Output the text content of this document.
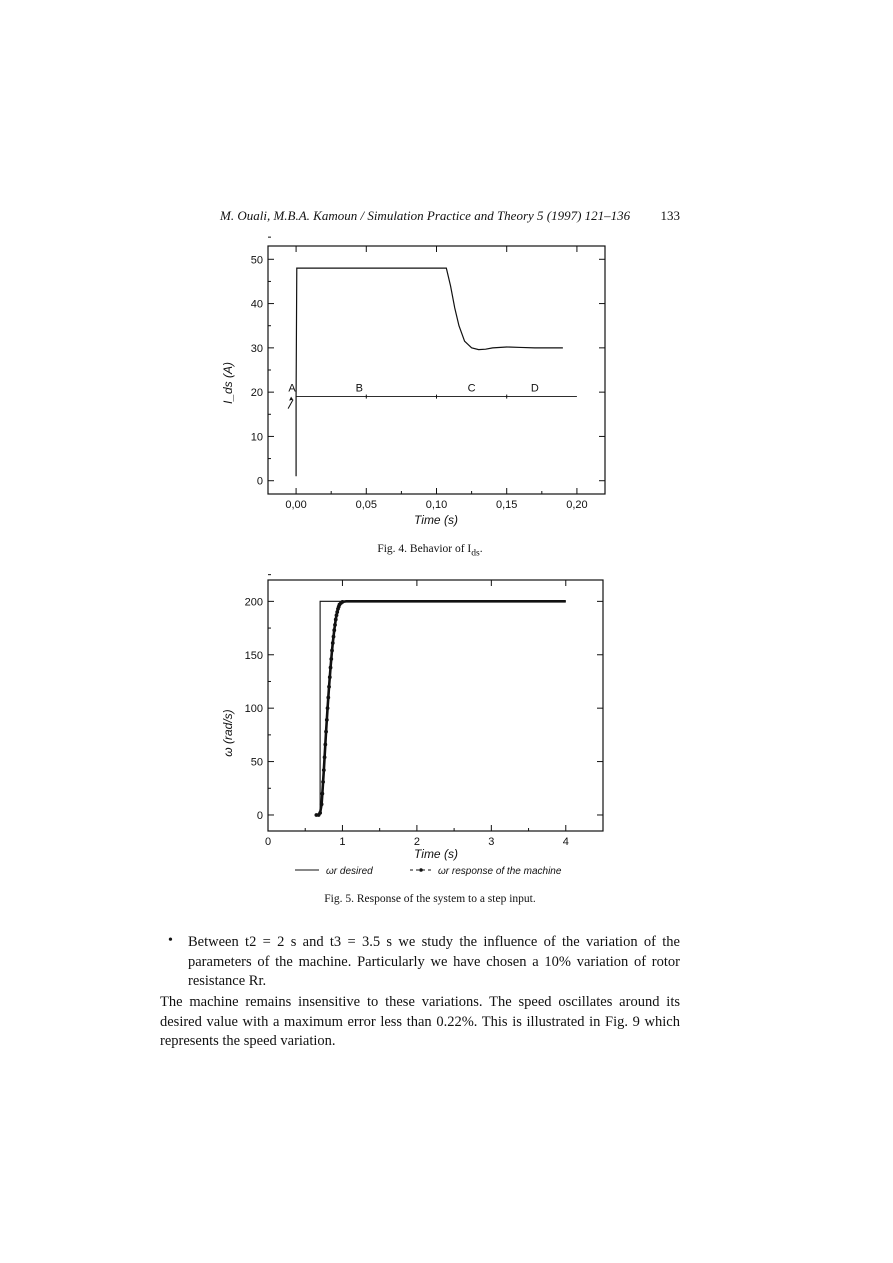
M. Ouali, M.B.A. Kamoun / Simulation Practice and Theory 5 (1997) 121–136 133
0,00	0,05	0,10	0,15	0,20
0
10
20
30
40
50
I_ds (A)
Time (s)
A	B	C	D
0	1	2	3	4
0
50
100
150
200
ω (rad/s)
Time (s)
ωr desired	ωr response of the machine
Fig. 4. Behavior of $I_{ds}$.
Fig. 5. Response of the system to a step input.
• Between t2 = 2 s and t3 = 3.5 s we study the influence of the variation of the parameters of the machine. Particularly we have chosen a 10% variation of rotor resistance Rr.
The machine remains insensitive to these variations. The speed oscillates around its desired value with a maximum error less than 0.22%. This is illustrated in Fig. 9 which represents the speed variation.
